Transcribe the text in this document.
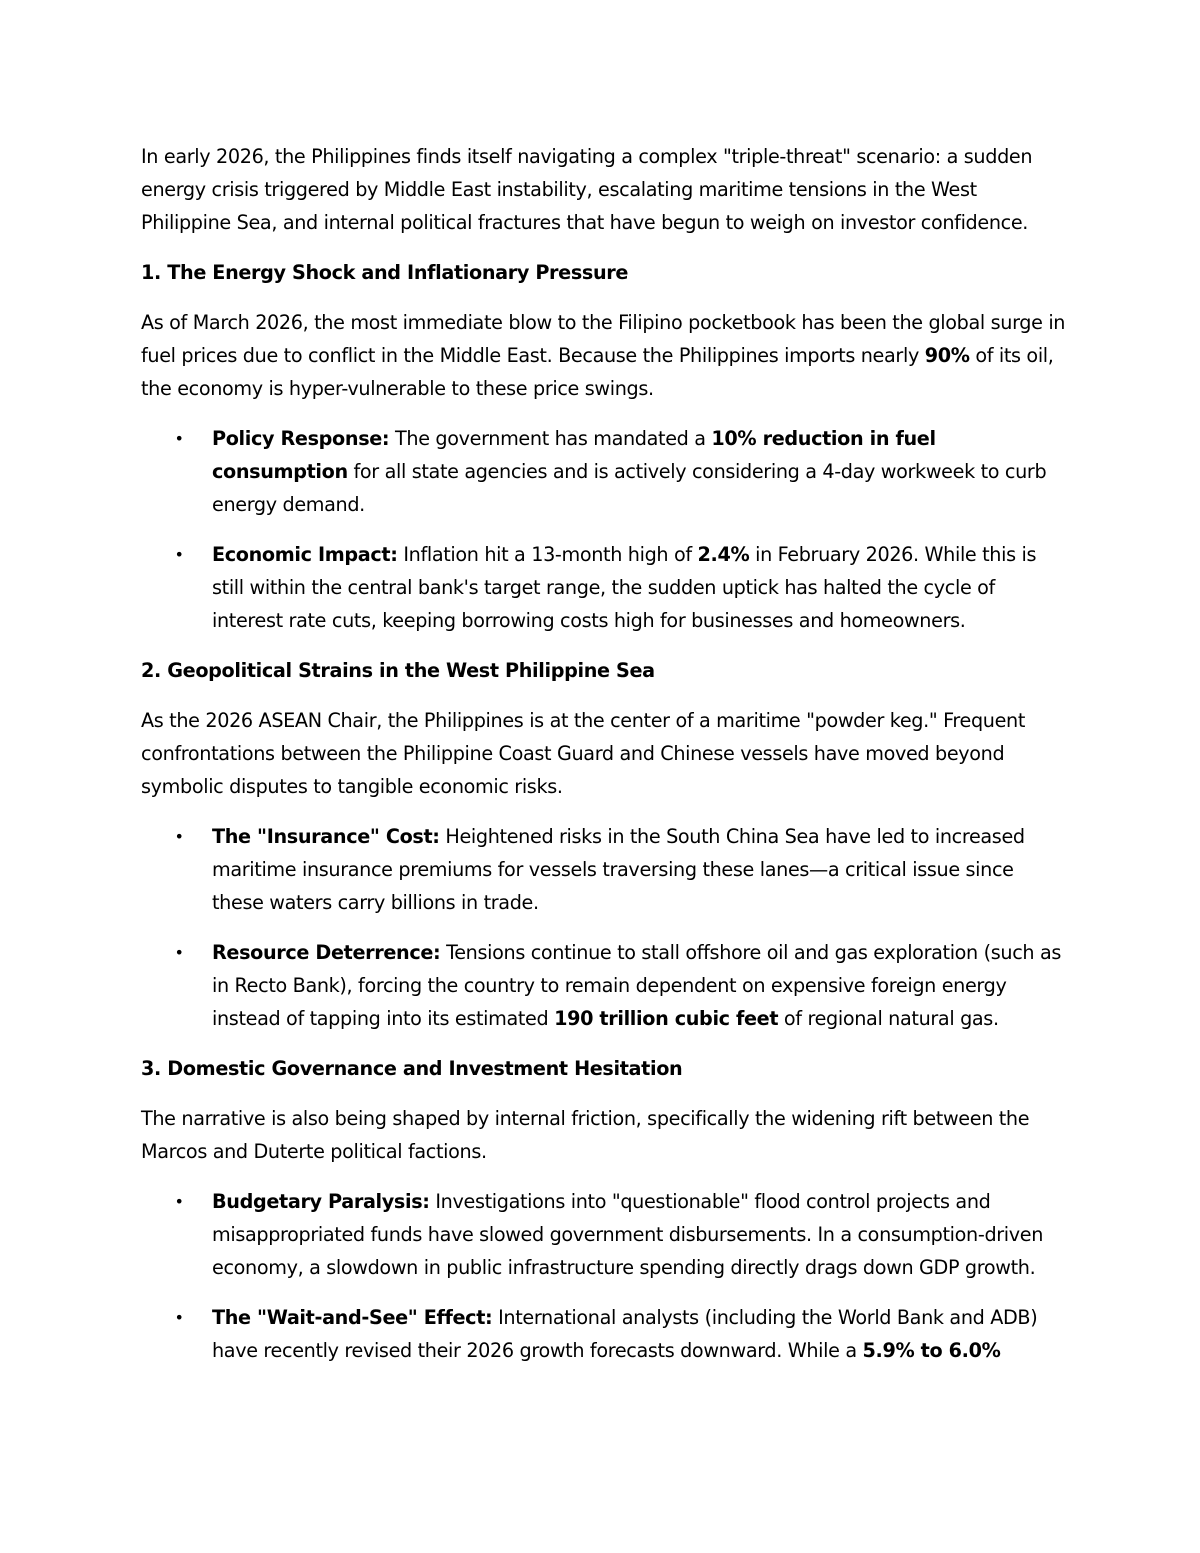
In early 2026, the Philippines finds itself navigating a complex "triple-threat" scenario: a sudden energy crisis triggered by Middle East instability, escalating maritime tensions in the West Philippine Sea, and internal political fractures that have begun to weigh on investor confidence.

1. The Energy Shock and Inflationary Pressure

As of March 2026, the most immediate blow to the Filipino pocketbook has been the global surge in fuel prices due to conflict in the Middle East. Because the Philippines imports nearly 90% of its oil, the economy is hyper-vulnerable to these price swings.

• Policy Response: The government has mandated a 10% reduction in fuel consumption for all state agencies and is actively considering a 4-day workweek to curb energy demand.
• Economic Impact: Inflation hit a 13-month high of 2.4% in February 2026. While this is still within the central bank's target range, the sudden uptick has halted the cycle of interest rate cuts, keeping borrowing costs high for businesses and homeowners.
2. Geopolitical Strains in the West Philippine Sea

As the 2026 ASEAN Chair, the Philippines is at the center of a maritime "powder keg." Frequent confrontations between the Philippine Coast Guard and Chinese vessels have moved beyond symbolic disputes to tangible economic risks.

• The "Insurance" Cost: Heightened risks in the South China Sea have led to increased maritime insurance premiums for vessels traversing these lanes—a critical issue since these waters carry billions in trade.
• Resource Deterrence: Tensions continue to stall offshore oil and gas exploration (such as in Recto Bank), forcing the country to remain dependent on expensive foreign energy instead of tapping into its estimated 190 trillion cubic feet of regional natural gas.
3. Domestic Governance and Investment Hesitation

The narrative is also being shaped by internal friction, specifically the widening rift between the Marcos and Duterte political factions.

• Budgetary Paralysis: Investigations into "questionable" flood control projects and misappropriated funds have slowed government disbursements. In a consumption-driven economy, a slowdown in public infrastructure spending directly drags down GDP growth.
• The "Wait-and-See" Effect: International analysts (including the World Bank and ADB) have recently revised their 2026 growth forecasts downward. While a 5.9% to 6.0%
